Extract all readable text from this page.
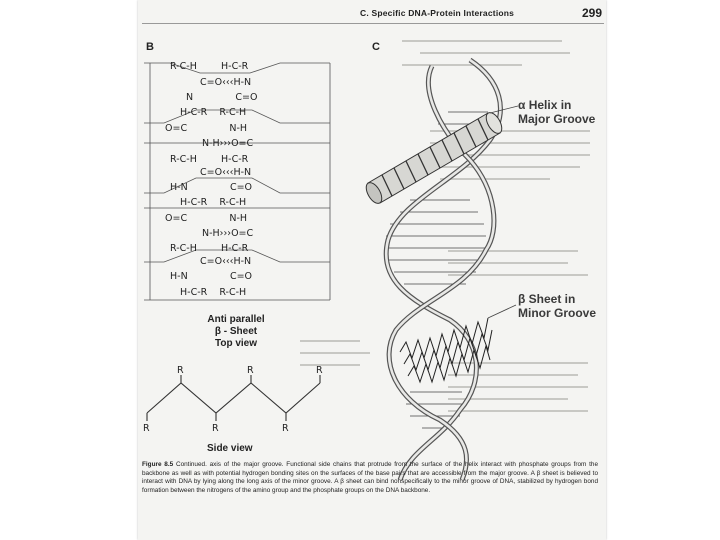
C. Specific DNA-Protein Interactions	299
B	C
R-C-H        H-C-R
C=O‹‹‹H-N
N              C=O
H-C-R    R-C-H
O=C              N-H
N-H›››O=C
R-C-H        H-C-R
C=O‹‹‹H-N
H-N              C=O
H-C-R    R-C-H
O=C              N-H
N-H›››O=C
R-C-H        H-C-R
C=O‹‹‹H-N
H-N              C=O
H-C-R    R-C-H
Anti parallel
β - Sheet
Top view
R	R	R
R	R	R
Side view
α Helix in
Major Groove
β Sheet in
Minor Groove
Figure 8.5 Continued. axis of the major groove. Functional side chains that protrude from the surface of the helix interact with phosphate groups from the backbone as well as with potential hydrogen bonding sites on the surfaces of the base pairs that are accessible from the major groove. A β sheet is believed to interact with DNA by lying along the long axis of the minor groove. A β sheet can bind nonspecifically to the minor groove of DNA, stabilized by hydrogen bond formation between the nitrogens of the amino group and the phosphate groups on the DNA backbone.
